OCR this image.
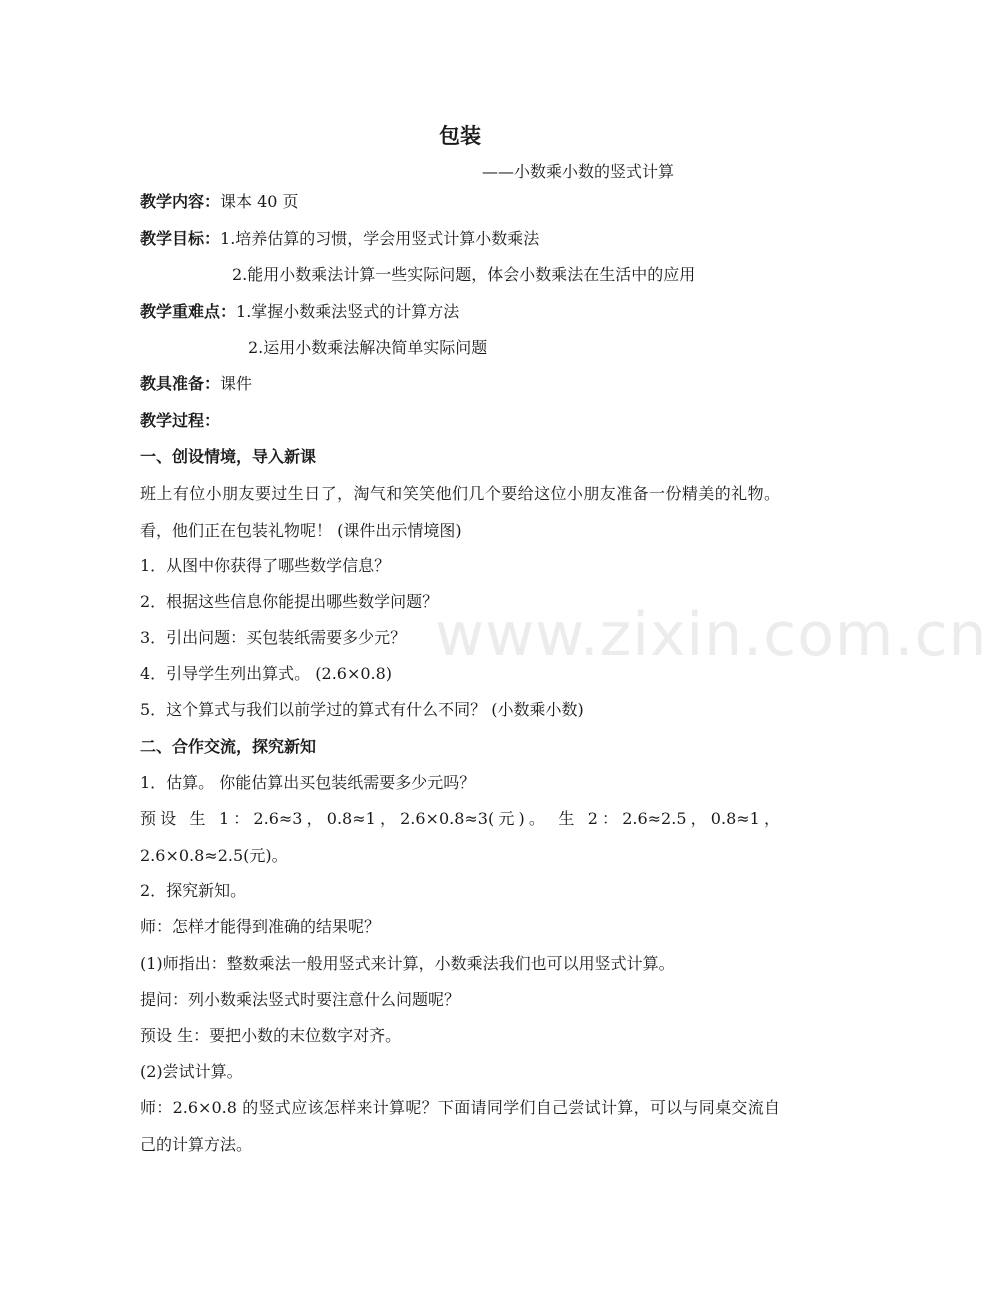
包装
——小数乘小数的竖式计算
教学内容：课本 40 页
教学目标：1.培养估算的习惯，学会用竖式计算小数乘法
2.能用小数乘法计算一些实际问题，体会小数乘法在生活中的应用
教学重难点：1.掌握小数乘法竖式的计算方法
2.运用小数乘法解决简单实际问题
教具准备：课件
教学过程：
一、创设情境，导入新课
班上有位小朋友要过生日了，淘气和笑笑他们几个要给这位小朋友准备一份精美的礼物。看，他们正在包装礼物呢！ (课件出示情境图)
1．从图中你获得了哪些数学信息？
2．根据这些信息你能提出哪些数学问题？
3．引出问题：买包装纸需要多少元？
4．引导学生列出算式。 (2.6×0.8)
5．这个算式与我们以前学过的算式有什么不同？ (小数乘小数)
二、合作交流，探究新知
1．估算。 你能估算出买包装纸需要多少元吗？
预设 生 1：2.6≈3，0.8≈1，2.6×0.8≈3(元)。 生 2：2.6≈2.5，0.8≈1，2.6×0.8≈2.5(元)。
2．探究新知。
师：怎样才能得到准确的结果呢？
(1)师指出：整数乘法一般用竖式来计算，小数乘法我们也可以用竖式计算。
提问：列小数乘法竖式时要注意什么问题呢？
预设 生：要把小数的末位数字对齐。
(2)尝试计算。
师：2.6×0.8 的竖式应该怎样来计算呢？下面请同学们自己尝试计算，可以与同桌交流自己的计算方法。
www.zixin.com.cn
